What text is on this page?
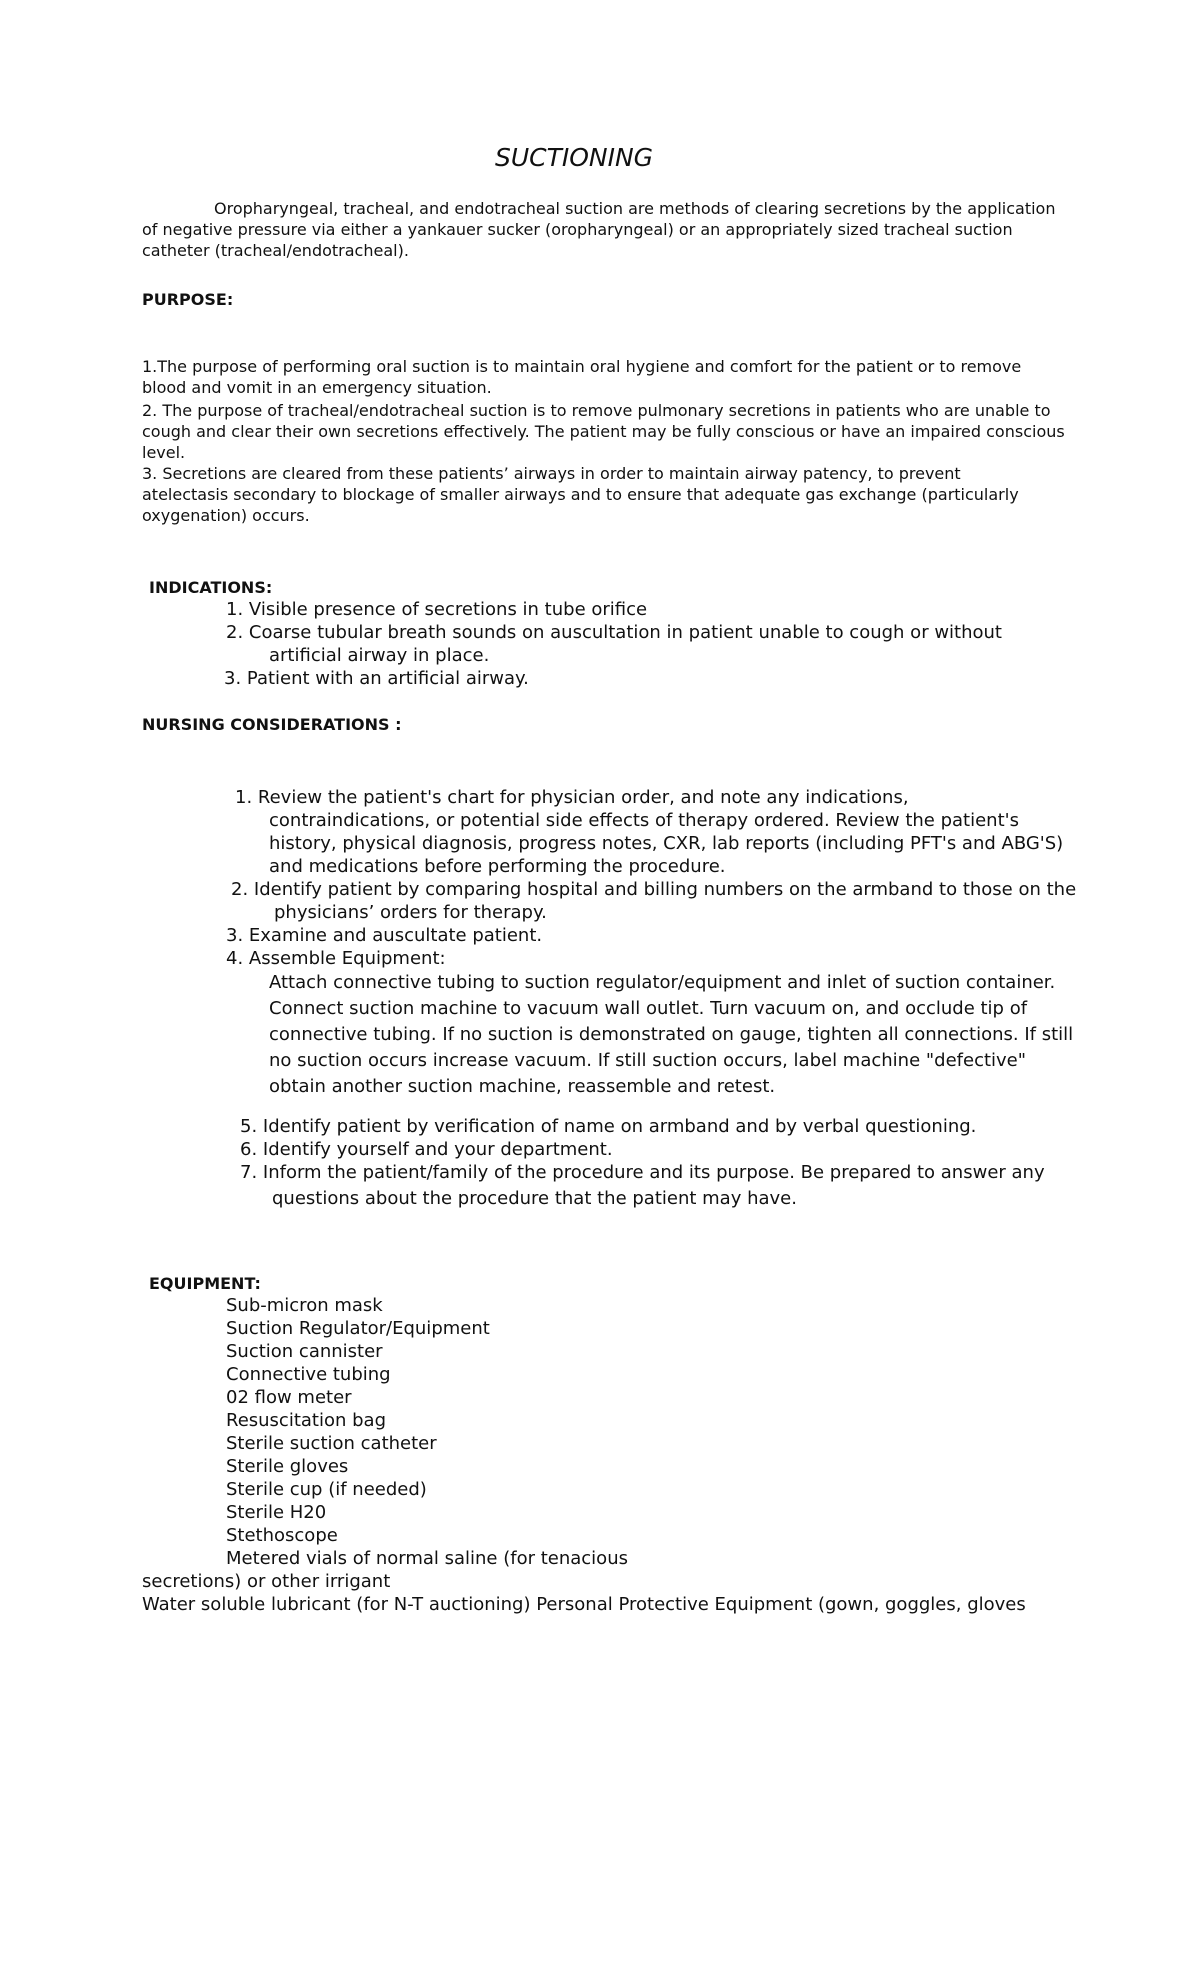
SUCTIONING
Oropharyngeal, tracheal, and endotracheal suction are methods of clearing secretions by the application
of negative pressure via either a yankauer sucker (oropharyngeal) or an appropriately sized tracheal suction
catheter (tracheal/endotracheal).
PURPOSE:
1.The purpose of performing oral suction is to maintain oral hygiene and comfort for the patient or to remove
blood and vomit in an emergency situation.
2. The purpose of tracheal/endotracheal suction is to remove pulmonary secretions in patients who are unable to
cough and clear their own secretions effectively. The patient may be fully conscious or have an impaired conscious
level.
3. Secretions are cleared from these patients’ airways in order to maintain airway patency, to prevent
atelectasis secondary to blockage of smaller airways and to ensure that adequate gas exchange (particularly
oxygenation) occurs.
INDICATIONS:
1. Visible presence of secretions in tube orifice
2. Coarse tubular breath sounds on auscultation in patient unable to cough or without
artificial airway in place.
3. Patient with an artificial airway.
NURSING CONSIDERATIONS :
1. Review the patient's chart for physician order, and note any indications,
contraindications, or potential side effects of therapy ordered. Review the patient's
history, physical diagnosis, progress notes, CXR, lab reports (including PFT's and ABG'S)
and medications before performing the procedure.
2. Identify patient by comparing hospital and billing numbers on the armband to those on the
physicians’ orders for therapy.
3. Examine and auscultate patient.
4. Assemble Equipment:
Attach connective tubing to suction regulator/equipment and inlet of suction container.
Connect suction machine to vacuum wall outlet. Turn vacuum on, and occlude tip of
connective tubing. If no suction is demonstrated on gauge, tighten all connections. If still
no suction occurs increase vacuum. If still suction occurs, label machine "defective"
obtain another suction machine, reassemble and retest.
5. Identify patient by verification of name on armband and by verbal questioning.
6. Identify yourself and your department.
7. Inform the patient/family of the procedure and its purpose. Be prepared to answer any
questions about the procedure that the patient may have.
EQUIPMENT:
Sub-micron mask
Suction Regulator/Equipment
Suction cannister
Connective tubing
02 flow meter
Resuscitation bag
Sterile suction catheter
Sterile gloves
Sterile cup (if needed)
Sterile H20
Stethoscope
Metered vials of normal saline (for tenacious
secretions) or other irrigant
Water soluble lubricant (for N-T auctioning) Personal Protective Equipment (gown, goggles, gloves
